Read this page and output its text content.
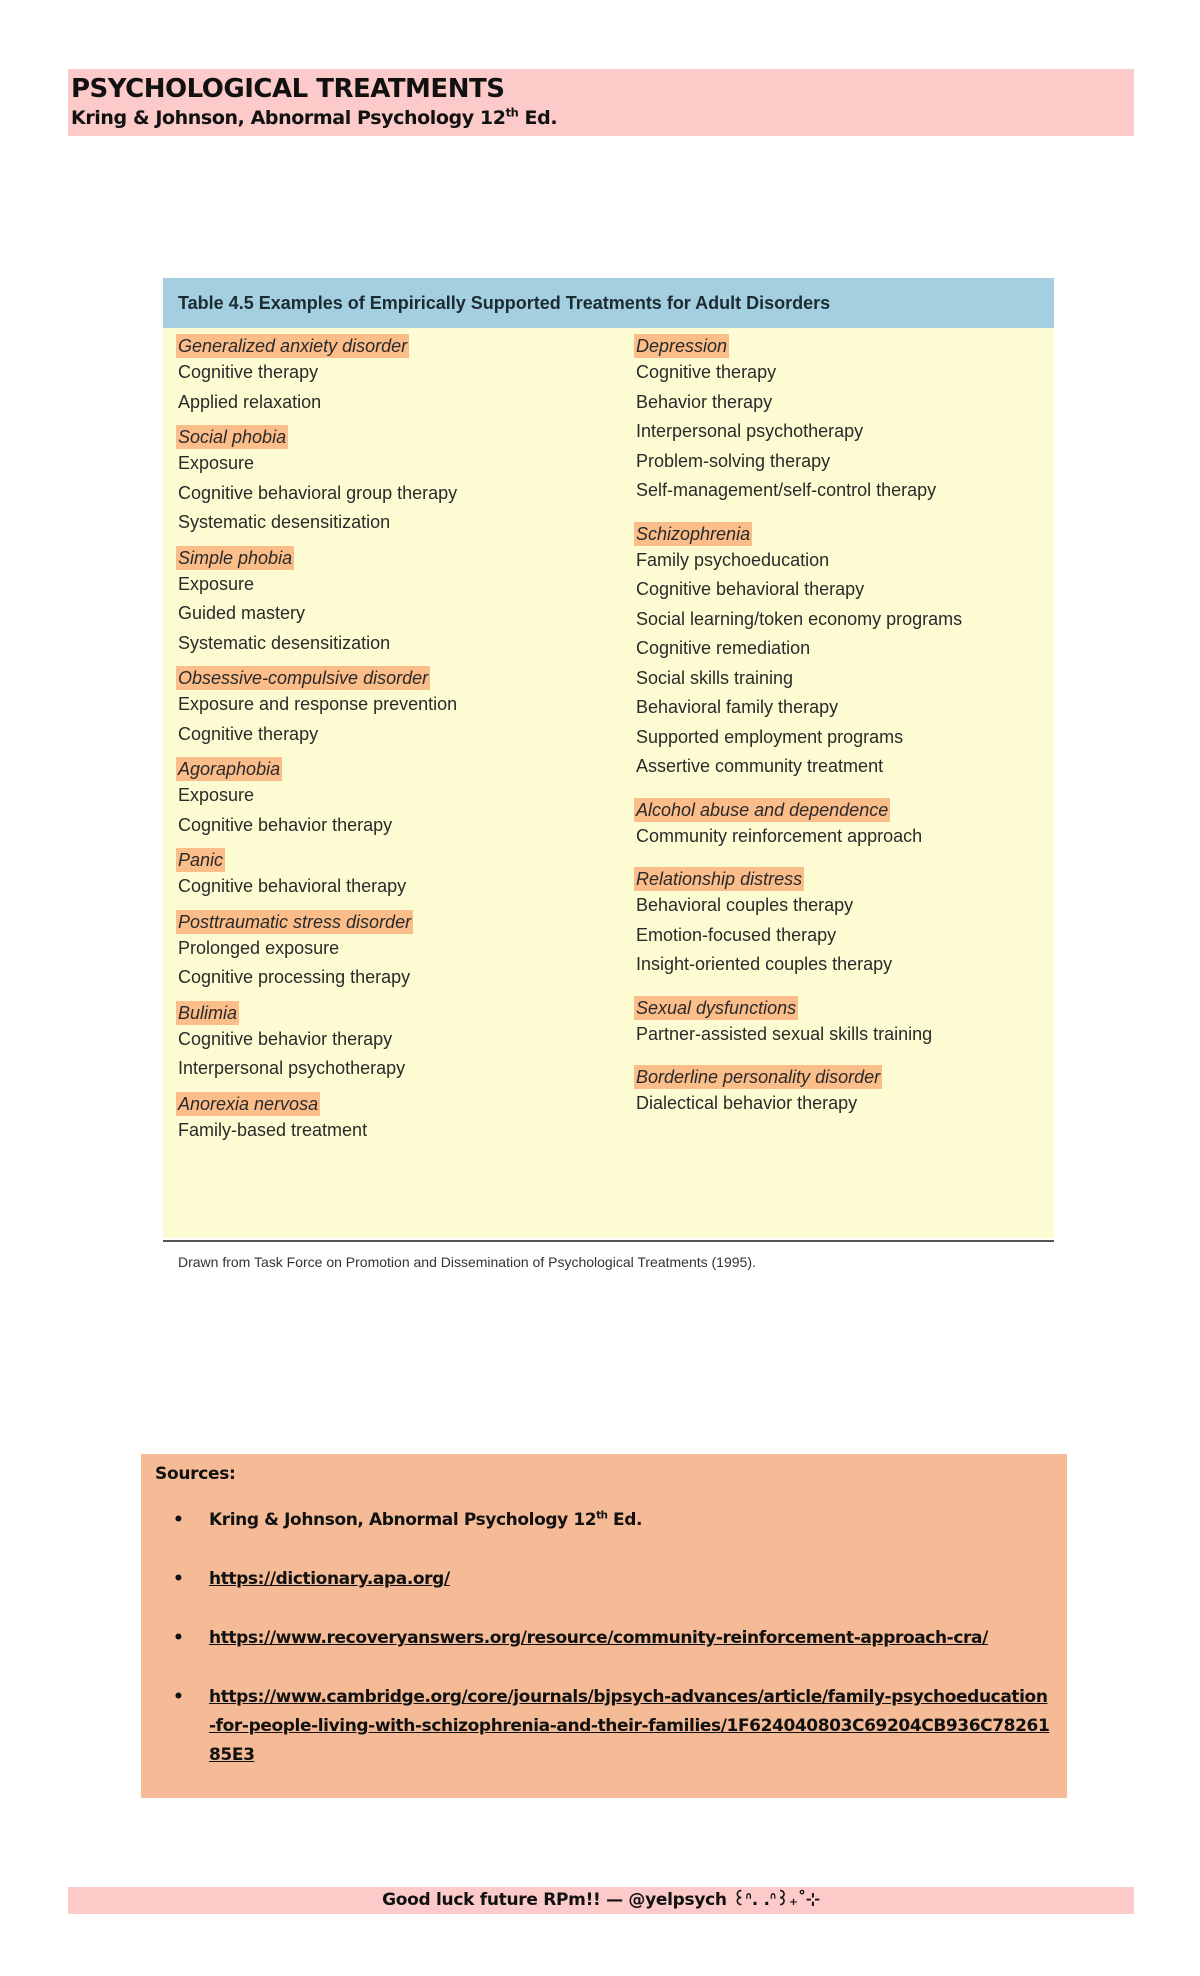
PSYCHOLOGICAL TREATMENTS
Kring & Johnson, Abnormal Psychology 12th Ed.
Table 4.5 Examples of Empirically Supported Treatments for Adult Disorders
Generalized anxiety disorder
Cognitive therapy
Applied relaxation
Social phobia
Exposure
Cognitive behavioral group therapy
Systematic desensitization
Simple phobia
Exposure
Guided mastery
Systematic desensitization
Obsessive-compulsive disorder
Exposure and response prevention
Cognitive therapy
Agoraphobia
Exposure
Cognitive behavior therapy
Panic
Cognitive behavioral therapy
Posttraumatic stress disorder
Prolonged exposure
Cognitive processing therapy
Bulimia
Cognitive behavior therapy
Interpersonal psychotherapy
Anorexia nervosa
Family-based treatment
Depression
Cognitive therapy
Behavior therapy
Interpersonal psychotherapy
Problem-solving therapy
Self-management/self-control therapy
Schizophrenia
Family psychoeducation
Cognitive behavioral therapy
Social learning/token economy programs
Cognitive remediation
Social skills training
Behavioral family therapy
Supported employment programs
Assertive community treatment
Alcohol abuse and dependence
Community reinforcement approach
Relationship distress
Behavioral couples therapy
Emotion-focused therapy
Insight-oriented couples therapy
Sexual dysfunctions
Partner-assisted sexual skills training
Borderline personality disorder
Dialectical behavior therapy
Drawn from Task Force on Promotion and Dissemination of Psychological Treatments (1995).
Sources:
• Kring & Johnson, Abnormal Psychology 12th Ed.
• https://dictionary.apa.org/
• https://www.recoveryanswers.org/resource/community-reinforcement-approach-cra/
• https://www.cambridge.org/core/journals/bjpsych-advances/article/family-psychoeducation-for-people-living-with-schizophrenia-and-their-families/1F624040803C69204CB936C7826185E3
Good luck future RPm!! — @yelpsych ꒰ᐢ. .ᐢ꒱₊˚⊹
